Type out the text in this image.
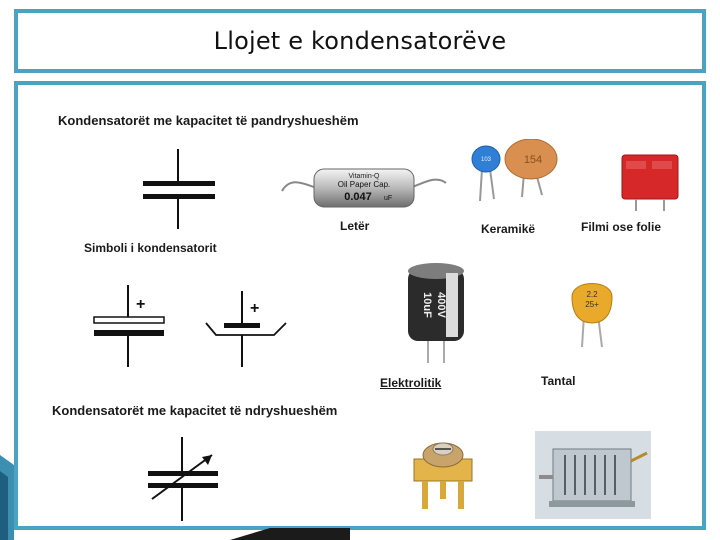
Llojet e kondensatorëve
Kondensatorët me kapacitet të pandryshueshëm
Simboli i kondensatorit
Letër	Keramikë	Filmi ose folie
Elektrolitik	Tantal
Kondensatorët me kapacitet të ndryshueshëm
+	+
Vitamin-Q
Oil Paper Cap.
0.047 uF
103	154
10uF 400V	2.2
25+
